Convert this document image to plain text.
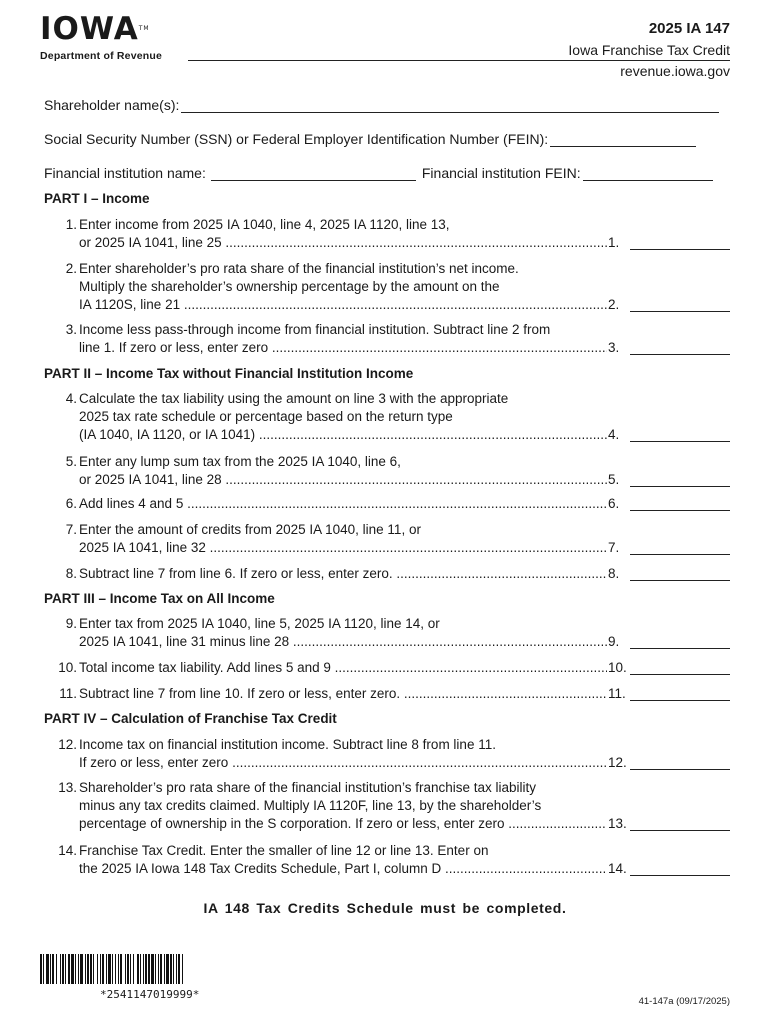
IOWATM
Department of Revenue
2025 IA 147
Iowa Franchise Tax Credit
revenue.iowa.gov
Shareholder name(s):
Social Security Number (SSN) or Federal Employer Identification Number (FEIN):
Financial institution name:	Financial institution FEIN:
PART I – Income
1. Enter income from 2025 IA 1040, line 4, 2025 IA 1120, line 13,
or 2025 IA 1041, line 25 .....	1.
2. Enter shareholder’s pro rata share of the financial institution’s net income.
Multiply the shareholder’s ownership percentage by the amount on the
IA 1120S, line 21 .....	2.
3. Income less pass-through income from financial institution. Subtract line 2 from
line 1. If zero or less, enter zero .....	3.
PART II – Income Tax without Financial Institution Income
4. Calculate the tax liability using the amount on line 3 with the appropriate
2025 tax rate schedule or percentage based on the return type
(IA 1040, IA 1120, or IA 1041) .....	4.
5. Enter any lump sum tax from the 2025 IA 1040, line 6,
or 2025 IA 1041, line 28 .....	5.
6. Add lines 4 and 5 .....	6.
7. Enter the amount of credits from 2025 IA 1040, line 11, or
2025 IA 1041, line 32 .....	7.
8. Subtract line 7 from line 6. If zero or less, enter zero. .....	8.
PART III – Income Tax on All Income
9. Enter tax from 2025 IA 1040, line 5, 2025 IA 1120, line 14, or
2025 IA 1041, line 31 minus line 28 .....	9.
10. Total income tax liability. Add lines 5 and 9 .....	10.
11. Subtract line 7 from line 10. If zero or less, enter zero. .....	11.
PART IV – Calculation of Franchise Tax Credit
12. Income tax on financial institution income. Subtract line 8 from line 11.
If zero or less, enter zero .....	12.
13. Shareholder’s pro rata share of the financial institution’s franchise tax liability
minus any tax credits claimed. Multiply IA 1120F, line 13, by the shareholder’s
percentage of ownership in the S corporation. If zero or less, enter zero .....	13.
14. Franchise Tax Credit. Enter the smaller of line 12 or line 13. Enter on
the 2025 IA Iowa 148 Tax Credits Schedule, Part I, column D .....	14.
IA 148 Tax Credits Schedule must be completed.
*2541147019999*
41-147a (09/17/2025)
